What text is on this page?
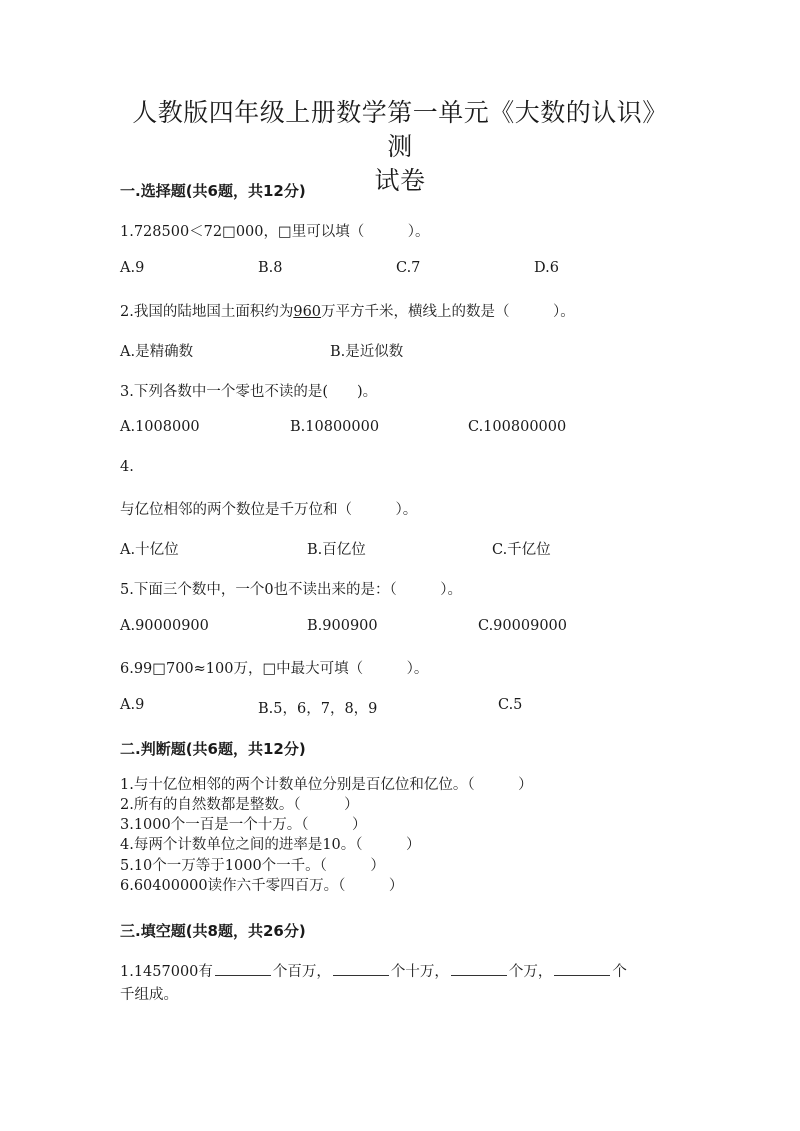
人教版四年级上册数学第一单元《大数的认识》测
试卷
一.选择题(共6题，共12分)
1.728500＜72□000，□里可以填（　　　）。
A.9	B.8	C.7	D.6
2.我国的陆地国土面积约为960万平方千米，横线上的数是（　　　）。
A.是精确数	B.是近似数
3.下列各数中一个零也不读的是(　　)。
A.1008000	B.10800000	C.100800000
4.
与亿位相邻的两个数位是千万位和（　　　）。
A.十亿位	B.百亿位	C.千亿位
5.下面三个数中，一个0也不读出来的是：（　　　）。
A.90000900	B.900900	C.90009000
6.99□700≈100万，□中最大可填（　　　）。
A.9	B.5，6，7，8，9	C.5
二.判断题(共6题，共12分)
1.与十亿位相邻的两个计数单位分别是百亿位和亿位。（　　　）
2.所有的自然数都是整数。（　　　）
3.1000个一百是一个十万。（　　　）
4.每两个计数单位之间的进率是10。（　　　）
5.10个一万等于1000个一千。（　　　）
6.60400000读作六千零四百万。（　　　）
三.填空题(共8题，共26分)
1.1457000有	个百万，	个十万，	个万，	个
千组成。
